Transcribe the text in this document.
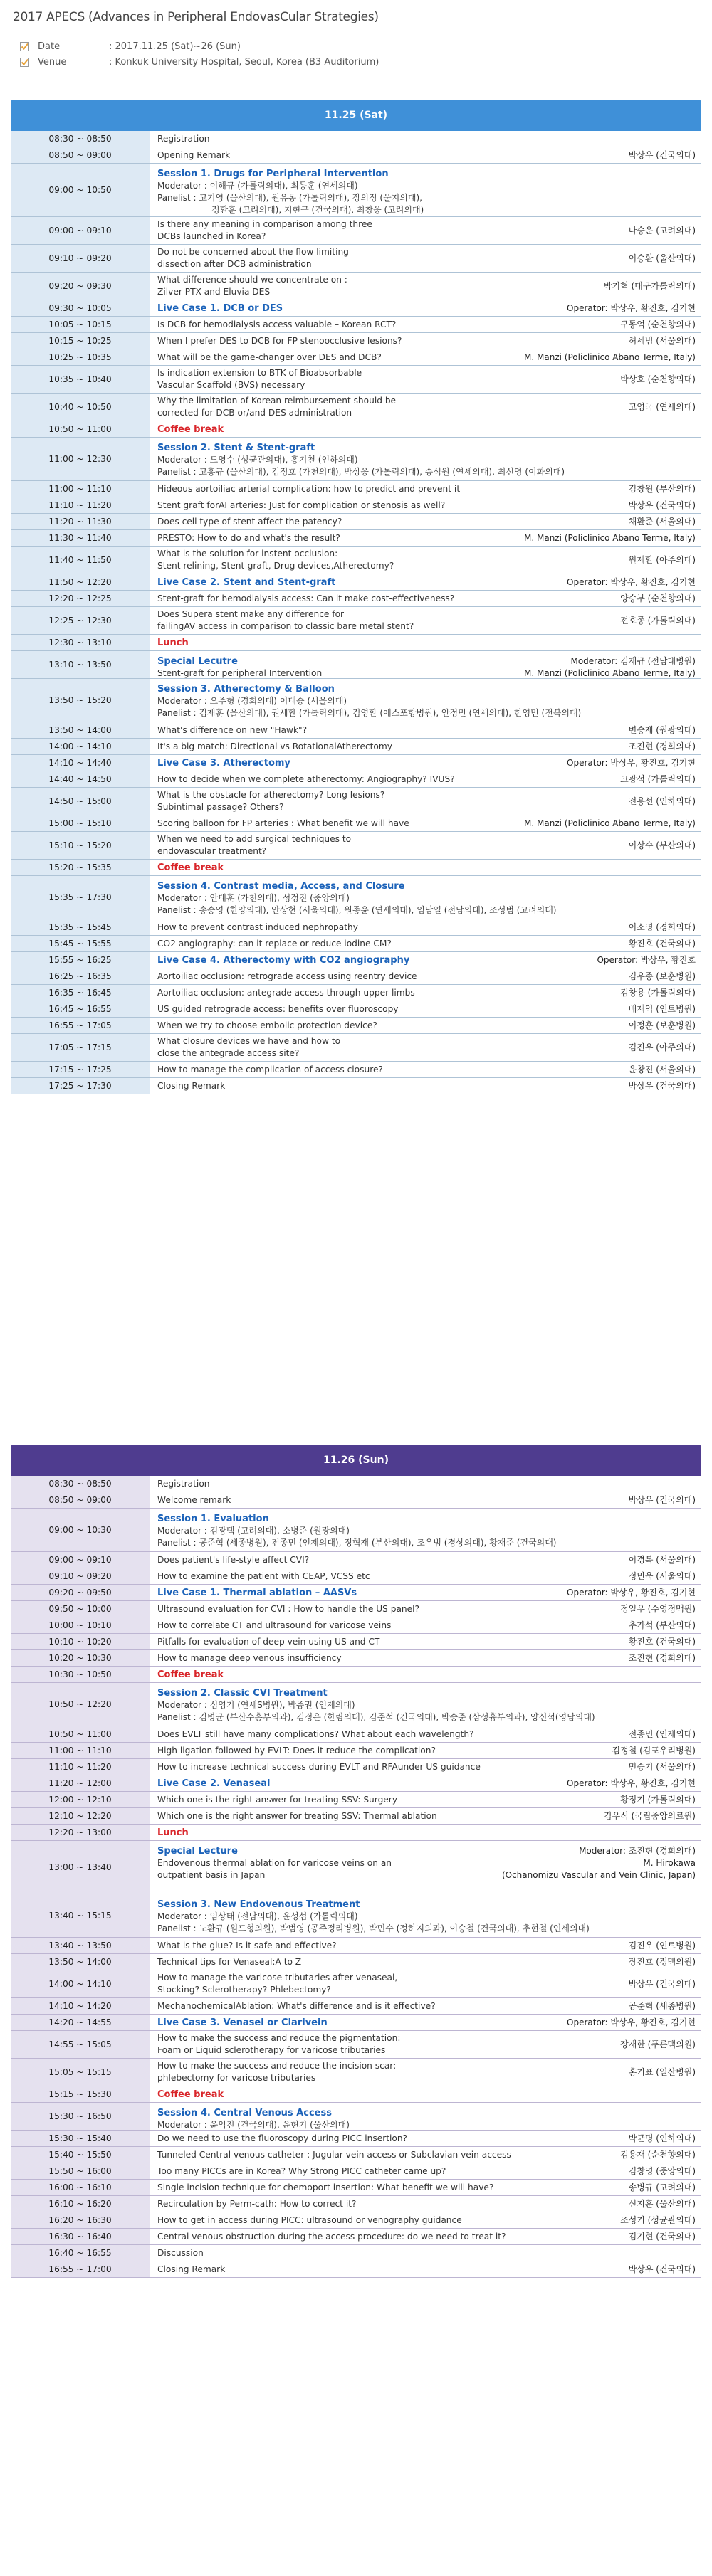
2017 APECS (Advances in Peripheral EndovasCular Strategies)
Date	: 2017.11.25 (Sat)~26 (Sun)
Venue	: Konkuk University Hospital, Seoul, Korea (B3 Auditorium)
11.25 (Sat)
08:30 ~ 08:50	Registration
08:50 ~ 09:00	Opening Remark	박상우 (건국의대)
09:00 ~ 10:50
Session 1. Drugs for Peripheral Intervention
Moderator : 이해규 (가톨릭의대), 최동훈 (연세의대)
Panelist : 고기영 (울산의대), 원유동 (가톨릭의대), 장의정 (울지의대),
정환훈 (고려의대), 지현근 (건국의대), 최창웅 (고려의대)
09:00 ~ 09:10
Is there any meaning in comparison among three
DCBs launched in Korea?
나승운 (고려의대)
09:10 ~ 09:20
Do not be concerned about the flow limiting
dissection after DCB administration
이승환 (울산의대)
09:20 ~ 09:30
What difference should we concentrate on :
Zilver PTX and Eluvia DES
박기혁 (대구가톨릭의대)
09:30 ~ 10:05	Live Case 1. DCB or DES	Operator: 박상우, 황진호, 김기현
10:05 ~ 10:15	Is DCB for hemodialysis access valuable – Korean RCT?	구동억 (순천향의대)
10:15 ~ 10:25	When I prefer DES to DCB for FP stenoocclusive lesions?	허세범 (서울의대)
10:25 ~ 10:35	What will be the game-changer over DES and DCB?	M. Manzi (Policlinico Abano Terme, Italy)
10:35 ~ 10:40
Is indication extension to BTK of Bioabsorbable
Vascular Scaffold (BVS) necessary
박상호 (순천향의대)
10:40 ~ 10:50
Why the limitation of Korean reimbursement should be
corrected for DCB or/and DES administration
고영국 (연세의대)
10:50 ~ 11:00	Coffee break
11:00 ~ 12:30
Session 2. Stent & Stent-graft
Moderator : 도영수 (성균관의대), 홍기천 (인하의대)
Panelist : 고홍규 (울산의대), 김정호 (가천의대), 박상웅 (가톨릭의대), 송석원 (연세의대), 최선영 (이화의대)
11:00 ~ 11:10	Hideous aortoiliac arterial complication: how to predict and prevent it	김창원 (부산의대)
11:10 ~ 11:20	Stent graft forAI arteries: Just for complication or stenosis as well?	박상우 (건국의대)
11:20 ~ 11:30	Does cell type of stent affect the patency?	채환준 (서울의대)
11:30 ~ 11:40	PRESTO: How to do and what's the result?	M. Manzi (Policlinico Abano Terme, Italy)
11:40 ~ 11:50
What is the solution for instent occlusion:
Stent relining, Stent-graft, Drug devices,Atherectomy?
원제환 (아주의대)
11:50 ~ 12:20	Live Case 2. Stent and Stent-graft	Operator: 박상우, 황진호, 김기현
12:20 ~ 12:25	Stent-graft for hemodialysis access: Can it make cost-effectiveness?	양승부 (순천향의대)
12:25 ~ 12:30
Does Supera stent make any difference for
failingAV access in comparison to classic bare metal stent?
전호종 (가톨릭의대)
12:30 ~ 13:10	Lunch
13:10 ~ 13:50	Special Lecutre
Stent-graft for peripheral Intervention
Moderator: 김재규 (전남대병원)
M. Manzi (Policlinico Abano Terme, Italy)
13:50 ~ 15:20
Session 3. Atherectomy & Balloon
Moderator : 오주형 (경희의대) 이태승 (서울의대)
Panelist : 김재훈 (울산의대), 권세환 (가톨릭의대), 김영환 (에스포항병원), 안정민 (연세의대), 한영민 (전북의대)
13:50 ~ 14:00	What's difference on new "Hawk"?	변승재 (원광의대)
14:00 ~ 14:10	It's a big match: Directional vs RotationalAtherectomy	조진현 (경희의대)
14:10 ~ 14:40	Live Case 3. Atherectomy	Operator: 박상우, 황진호, 김기현
14:40 ~ 14:50	How to decide when we complete atherectomy: Angiography? IVUS?	고광석 (가톨릭의대)
14:50 ~ 15:00
What is the obstacle for atherectomy? Long lesions?
Subintimal passage? Others?
전용선 (인하의대)
15:00 ~ 15:10	Scoring balloon for FP arteries : What benefit we will have	M. Manzi (Policlinico Abano Terme, Italy)
15:10 ~ 15:20
When we need to add surgical techniques to
endovascular treatment?
이상수 (부산의대)
15:20 ~ 15:35	Coffee break
15:35 ~ 17:30
Session 4. Contrast media, Access, and Closure
Moderator : 안태훈 (가천의대), 성정진 (중앙의대)
Panelist : 송승영 (한양의대), 안상현 (서울의대), 원종윤 (연세의대), 임남열 (전남의대), 조성범 (고려의대)
15:35 ~ 15:45	How to prevent contrast induced nephropathy	이소영 (경희의대)
15:45 ~ 15:55	CO2 angiography: can it replace or reduce iodine CM?	황진호 (건국의대)
15:55 ~ 16:25	Live Case 4. Atherectomy with CO2 angiography	Operator: 박상우, 황진호
16:25 ~ 16:35	Aortoiliac occlusion: retrograde access using reentry device	김우종 (보훈병원)
16:35 ~ 16:45	Aortoiliac occlusion: antegrade access through upper limbs	김창용 (가톨릭의대)
16:45 ~ 16:55	US guided retrograde access: benefits over fluoroscopy	배재익 (인트병원)
16:55 ~ 17:05	When we try to choose embolic protection device?	이정훈 (보훈병원)
17:05 ~ 17:15
What closure devices we have and how to
close the antegrade access site?
김진우 (아주의대)
17:15 ~ 17:25	How to manage the complication of access closure?	윤창진 (서울의대)
17:25 ~ 17:30	Closing Remark	박상우 (건국의대)
11.26 (Sun)
08:30 ~ 08:50	Registration
08:50 ~ 09:00	Welcome remark	박상우 (건국의대)
09:00 ~ 10:30
Session 1. Evaluation
Moderator : 김광택 (고려의대), 소병준 (원광의대)
Panelist : 공준혁 (세종병원), 전종민 (인제의대), 정혁재 (부산의대), 조우범 (경상의대), 황재준 (건국의대)
09:00 ~ 09:10	Does patient's life-style affect CVI?	이경복 (서울의대)
09:10 ~ 09:20	How to examine the patient with CEAP, VCSS etc	정민욱 (서울의대)
09:20 ~ 09:50	Live Case 1. Thermal ablation – AASVs	Operator: 박상우, 황진호, 김기현
09:50 ~ 10:00	Ultrasound evaluation for CVI : How to handle the US panel?	정일우 (수영정맥원)
10:00 ~ 10:10	How to correlate CT and ultrasound for varicose veins	추가석 (부산의대)
10:10 ~ 10:20	Pitfalls for evaluation of deep vein using US and CT	황진호 (건국의대)
10:20 ~ 10:30	How to manage deep venous insufficiency	조진현 (경희의대)
10:30 ~ 10:50	Coffee break
10:50 ~ 12:20
Session 2. Classic CVI Treatment
Moderator : 심영기 (연세S병원), 박종권 (인제의대)
Panelist : 김병균 (부산수흥부의과), 김정은 (한림의대), 김준석 (건국의대), 박승준 (삼성흉부의과), 양신석(영남의대)
10:50 ~ 11:00	Does EVLT still have many complications? What about each wavelength?	전종민 (인제의대)
11:00 ~ 11:10	High ligation followed by EVLT: Does it reduce the complication?	김정철 (김포우리병원)
11:10 ~ 11:20	How to increase technical success during EVLT and RFAunder US guidance	민승기 (서울의대)
11:20 ~ 12:00	Live Case 2. Venaseal	Operator: 박상우, 황진호, 김기현
12:00 ~ 12:10	Which one is the right answer for treating SSV: Surgery	황정기 (가톨릭의대)
12:10 ~ 12:20	Which one is the right answer for treating SSV: Thermal ablation	김우식 (국립중앙의료원)
12:20 ~ 13:00	Lunch
13:00 ~ 13:40
Special Lecture
Endovenous thermal ablation for varicose veins on an
outpatient basis in Japan
Moderator: 조진현 (경희의대)
M. Hirokawa
(Ochanomizu Vascular and Vein Clinic, Japan)
13:40 ~ 15:15
Session 3. New Endovenous Treatment
Moderator : 임상태 (전남의대), 윤성섭 (가톨릭의대)
Panelist : 노환규 (원드형의원), 박범영 (공주정리병원), 박민수 (정하지의과), 이승철 (건국의대), 추현철 (연세의대)
13:40 ~ 13:50	What is the glue? Is it safe and effective?	김진우 (인트병원)
13:50 ~ 14:00	Technical tips for Venaseal:A to Z	장진호 (정맥의원)
14:00 ~ 14:10
How to manage the varicose tributaries after venaseal,
Stocking? Sclerotherapy? Phlebectomy?
박상우 (건국의대)
14:10 ~ 14:20	MechanochemicalAblation: What's difference and is it effective?	공준혁 (세종병원)
14:20 ~ 14:55	Live Case 3. Venasel or Clarivein	Operator: 박상우, 황진호, 김기현
14:55 ~ 15:05
How to make the success and reduce the pigmentation:
Foam or Liquid sclerotherapy for varicose tributaries
장재한 (푸른맥의원)
15:05 ~ 15:15
How to make the success and reduce the incision scar:
phlebectomy for varicose tributaries
홍기표 (일산병원)
15:15 ~ 15:30	Coffee break
15:30 ~ 16:50	Session 4. Central Venous Access
Moderator : 윤익진 (건국의대), 윤현기 (울산의대)
15:30 ~ 15:40	Do we need to use the fluoroscopy during PICC insertion?	박균명 (인하의대)
15:40 ~ 15:50	Tunneled Central venous catheter : Jugular vein access or Subclavian vein access	김용재 (순천향의대)
15:50 ~ 16:00	Too many PICCs are in Korea? Why Strong PICC catheter came up?	김창영 (중앙의대)
16:00 ~ 16:10	Single incision technique for chemoport insertion: What benefit we will have?	송병규 (고려의대)
16:10 ~ 16:20	Recirculation by Perm-cath: How to correct it?	신지훈 (울산의대)
16:20 ~ 16:30	How to get in access during PICC: ultrasound or venography guidance	조성기 (성균관의대)
16:30 ~ 16:40	Central venous obstruction during the access procedure: do we need to treat it?	김기현 (건국의대)
16:40 ~ 16:55	Discussion
16:55 ~ 17:00	Closing Remark	박상우 (건국의대)
